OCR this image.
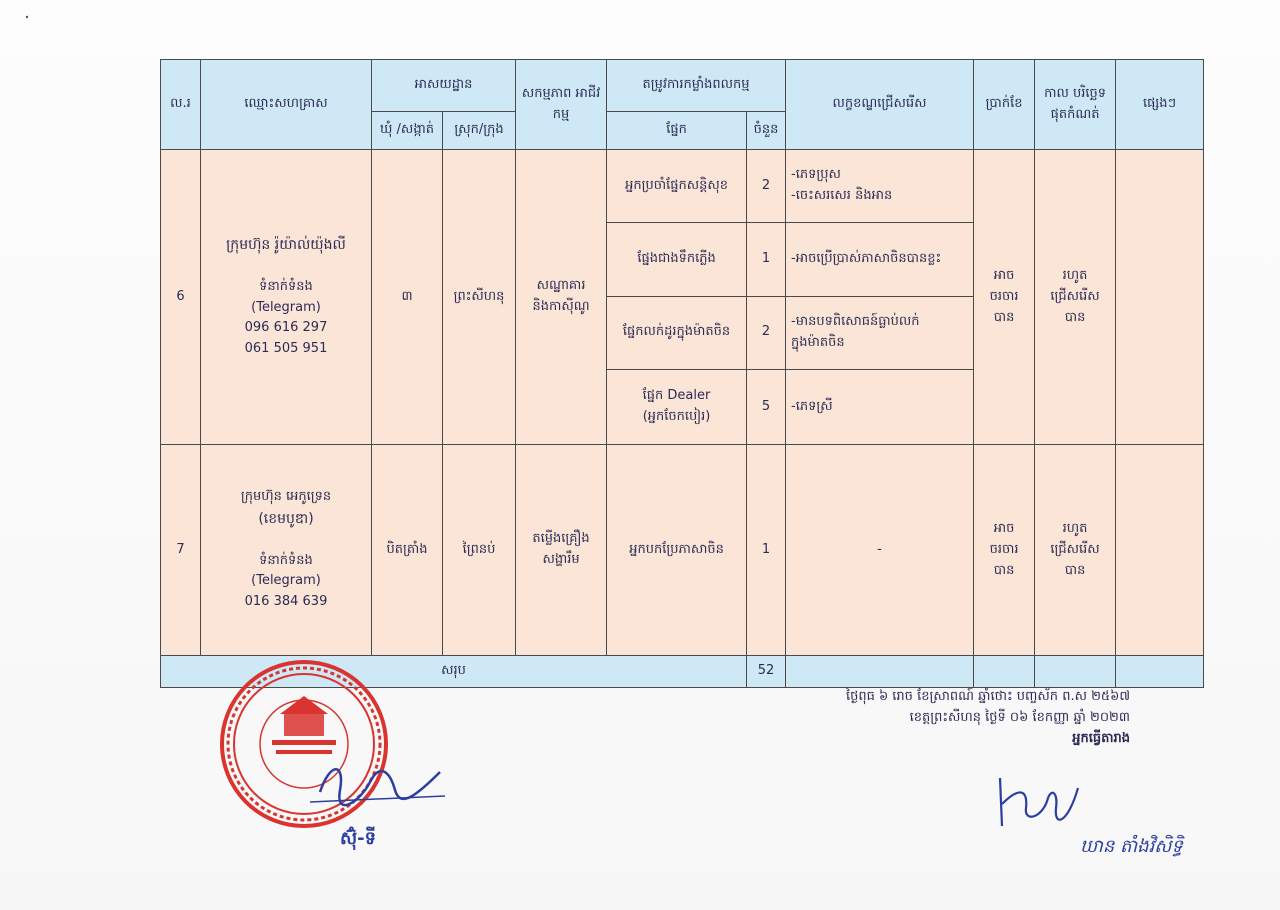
ល.រ	ឈ្មោះសហគ្រាស	អាសយដ្ឋាន		សកម្មភាព អាជីវកម្ម	តម្រូវការកម្លាំងពលកម្ម		លក្ខខណ្ឌជ្រើសរើស	ប្រាក់ខែ	កាល បរិច្ឆេទ ផុតកំណត់	ផ្សេងៗ
		ឃុំ /សង្កាត់	ស្រុក/ក្រុង		ផ្នែក	ចំនួន				
6	ក្រុមហ៊ុន រ៉ូយ៉ាល់យ៉ុងលី
ទំនាក់ទំនង
(Telegram)
096 616 297
061 505 951	៣	ព្រះសីហនុ	សណ្ឋាគារ និងកាស៊ីណូ	អ្នកប្រចាំផ្នែកសន្តិសុខ	2	-ភេទប្រុស
-ចេះសរសេរ និងអាន	អាច ចរចារ បាន	រហូត ជ្រើសរើស បាន	
					ផ្នែងជាងទឹកភ្លើង	1	-អាចប្រើប្រាស់ភាសាចិនបានខ្លះ			

					ផ្នែកលក់ដូរក្នុងម៉ាតចិន	2	-មានបទពិសោធន៍ធ្លាប់លក់
ក្នុងម៉ាតចិន			

					ផ្នែក Dealer
(អ្នកចែកបៀរ)	5	-ភេទស្រី			

7	ក្រុមហ៊ុន អេកូទ្រេន
(ខេមបូឌា)
ទំនាក់ទំនង
(Telegram)
016 384 639	បិតត្រាំង	ព្រៃនប់	តម្លើងគ្រឿង សង្ហារឹម	អ្នកបកប្រែភាសាចិន	1	-	អាច ចរចារ បាន	រហូត ជ្រើសរើស បាន	
សរុប						52				
ស៊ុំ-ទី
ថ្ងៃពុធ ៦ រោច ខែស្រាពណ៍ ឆ្នាំថោះ បញ្ចស័ក ព.ស ២៥៦៧
ខេត្តព្រះសីហនុ ថ្ងៃទី ០៦ ខែកញ្ញា ឆ្នាំ ២០២៣
អ្នកធ្វើតារាង
ឃាន តាំងវិសិទ្ធិ
